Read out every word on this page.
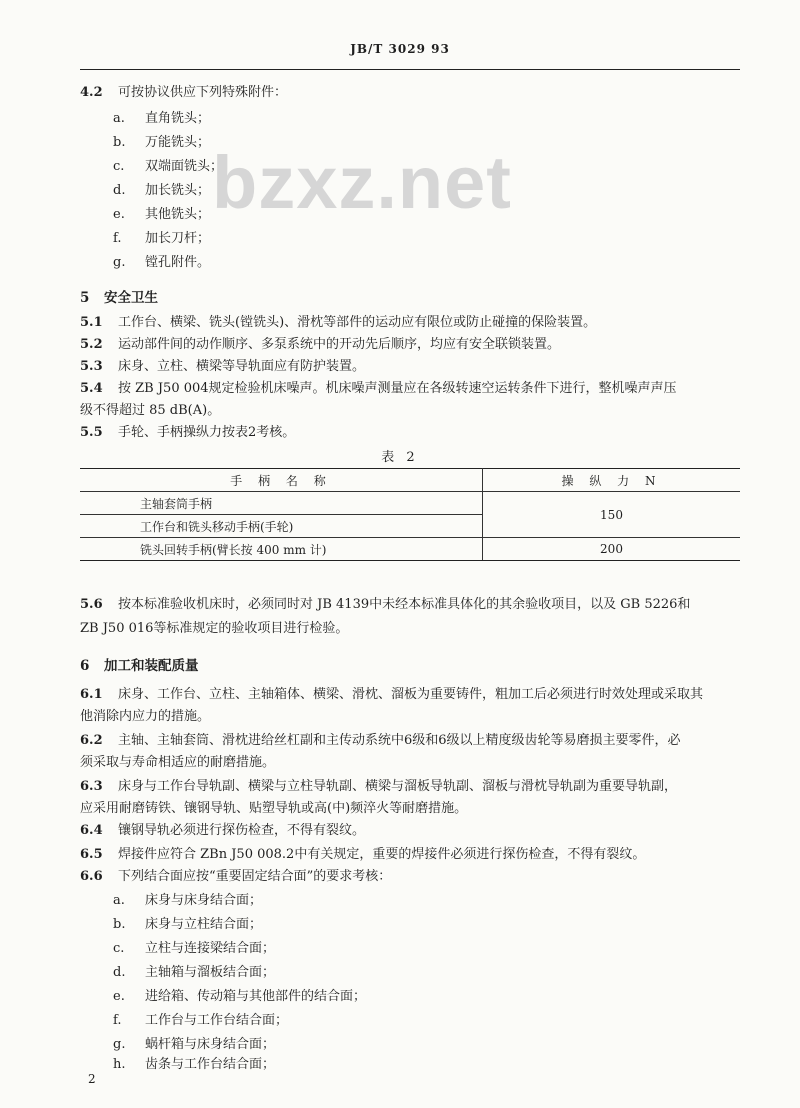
JB/T 3029 93
bzxz.net
4.2 可按协议供应下列特殊附件：
a. 直角铣头；
b. 万能铣头；
c. 双端面铣头；
d. 加长铣头；
e. 其他铣头；
f. 加长刀杆；
g. 镗孔附件。
5 安全卫生
5.1 工作台、横梁、铣头(镗铣头)、滑枕等部件的运动应有限位或防止碰撞的保险装置。
5.2 运动部件间的动作顺序、多泵系统中的开动先后顺序，均应有安全联锁装置。
5.3 床身、立柱、横梁等导轨面应有防护装置。
5.4 按 ZB J50 004规定检验机床噪声。机床噪声测量应在各级转速空运转条件下进行，整机噪声声压
级不得超过 85 dB(A)。
5.5 手轮、手柄操纵力按表2考核。
表 2
手 柄 名 称	操 纵 力 N
主轴套筒手柄	150
工作台和铣头移动手柄(手轮)	
铣头回转手柄(臂长按 400 mm 计)	200
5.6 按本标准验收机床时，必须同时对 JB 4139中未经本标准具体化的其余验收项目，以及 GB 5226和
ZB J50 016等标准规定的验收项目进行检验。
6 加工和装配质量
6.1 床身、工作台、立柱、主轴箱体、横梁、滑枕、溜板为重要铸件，粗加工后必须进行时效处理或采取其
他消除内应力的措施。
6.2 主轴、主轴套筒、滑枕进给丝杠副和主传动系统中6级和6级以上精度级齿轮等易磨损主要零件，必
须采取与寿命相适应的耐磨措施。
6.3 床身与工作台导轨副、横梁与立柱导轨副、横梁与溜板导轨副、溜板与滑枕导轨副为重要导轨副，
应采用耐磨铸铁、镶钢导轨、贴塑导轨或高(中)频淬火等耐磨措施。
6.4 镶钢导轨必须进行探伤检查，不得有裂纹。
6.5 焊接件应符合 ZBn J50 008.2中有关规定，重要的焊接件必须进行探伤检查，不得有裂纹。
6.6 下列结合面应按“重要固定结合面”的要求考核：
a. 床身与床身结合面；
b. 床身与立柱结合面；
c. 立柱与连接梁结合面；
d. 主轴箱与溜板结合面；
e. 进给箱、传动箱与其他部件的结合面；
f. 工作台与工作台结合面；
g. 蜗杆箱与床身结合面；
h. 齿条与工作台结合面；
2
